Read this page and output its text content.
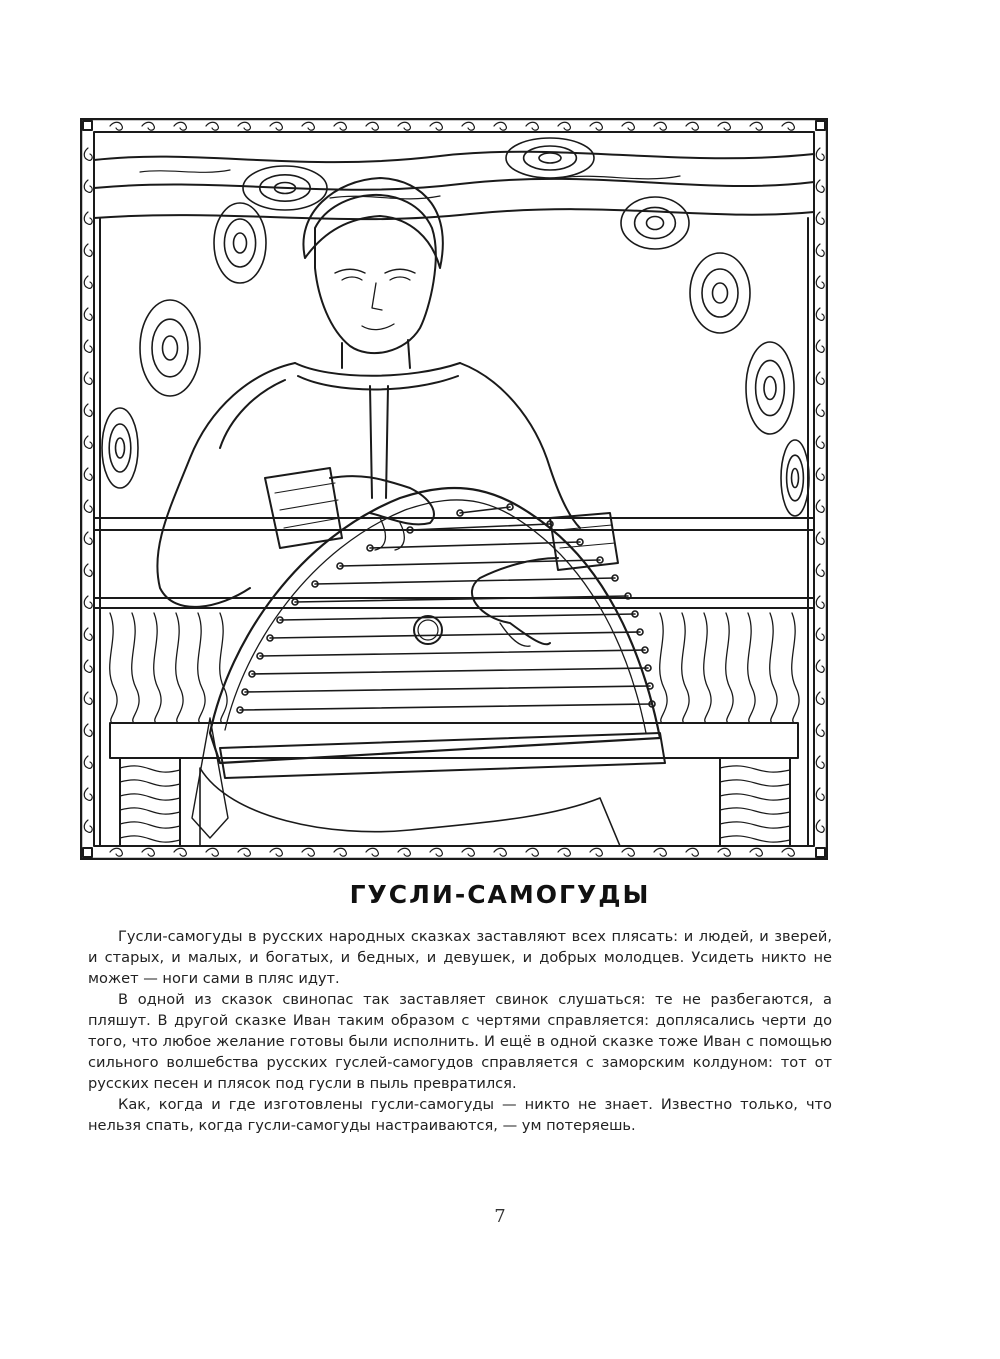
ГУСЛИ-САМОГУДЫ

Гусли-самогуды в русских народных сказках заставляют всех плясать: и людей, и зверей, и старых, и малых, и богатых, и бедных, и девушек, и добрых молодцев. Усидеть никто не может — ноги сами в пляс идут.

В одной из сказок свинопас так заставляет свинок слушаться: те не разбегаются, а пляшут. В другой сказке Иван таким образом с чертями справляется: доплясались черти до того, что любое желание готовы были исполнить. И ещё в одной сказке тоже Иван с помощью сильного волшебства русских гуслей-самогудов справляется с заморским колдуном: тот от русских песен и плясок под гусли в пыль превратился.

Как, когда и где изготовлены гусли-самогуды — никто не знает. Известно только, что нельзя спать, когда гусли-самогуды настраиваются, — ум потеряешь.

7
